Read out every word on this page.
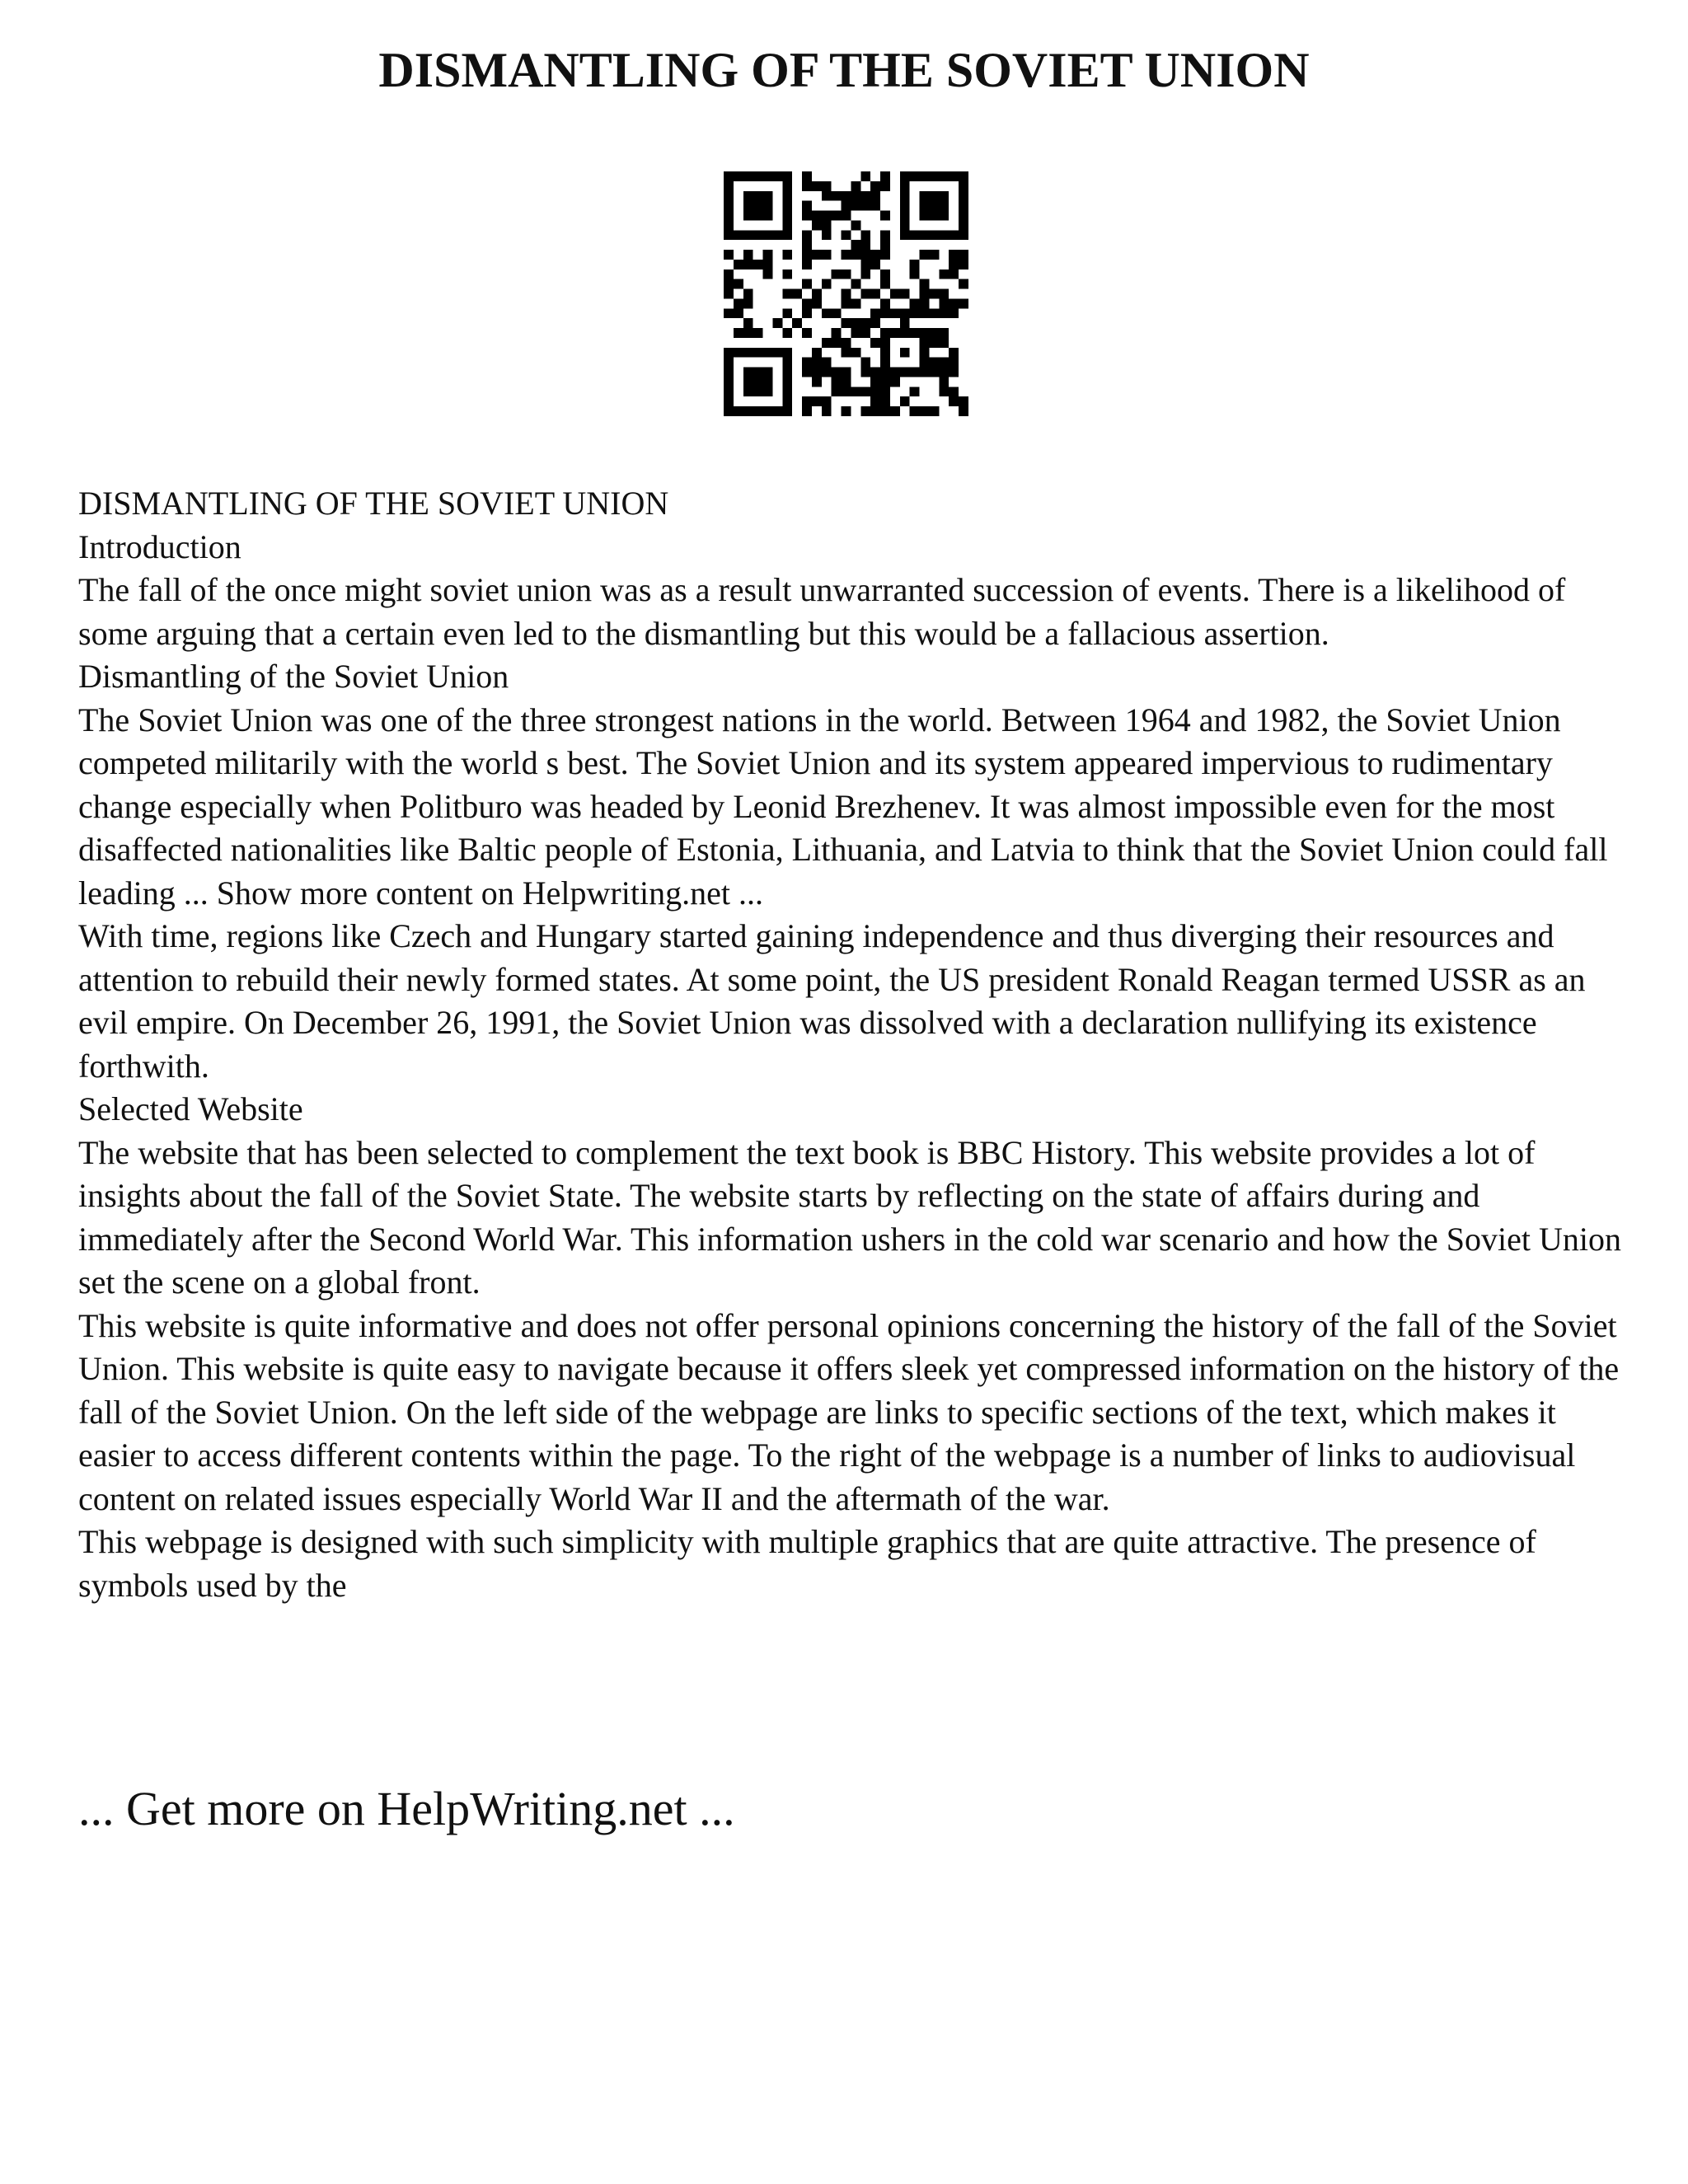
DISMANTLING OF THE SOVIET UNION

DISMANTLING OF THE SOVIET UNION

Introduction

The fall of the once might soviet union was as a result unwarranted succession of events. There is a likelihood of some arguing that a certain even led to the dismantling but this would be a fallacious assertion.

Dismantling of the Soviet Union

The Soviet Union was one of the three strongest nations in the world. Between 1964 and 1982, the Soviet Union competed militarily with the world s best. The Soviet Union and its system appeared impervious to rudimentary change especially when Politburo was headed by Leonid Brezhenev. It was almost impossible even for the most disaffected nationalities like Baltic people of Estonia, Lithuania, and Latvia to think that the Soviet Union could fall leading ... Show more content on Helpwriting.net ...

With time, regions like Czech and Hungary started gaining independence and thus diverging their resources and attention to rebuild their newly formed states. At some point, the US president Ronald Reagan termed USSR as an evil empire. On December 26, 1991, the Soviet Union was dissolved with a declaration nullifying its existence forthwith.

Selected Website

The website that has been selected to complement the text book is BBC History. This website provides a lot of insights about the fall of the Soviet State. The website starts by reflecting on the state of affairs during and immediately after the Second World War. This information ushers in the cold war scenario and how the Soviet Union set the scene on a global front.

This website is quite informative and does not offer personal opinions concerning the history of the fall of the Soviet Union. This website is quite easy to navigate because it offers sleek yet compressed information on the history of the fall of the Soviet Union. On the left side of the webpage are links to specific sections of the text, which makes it easier to access different contents within the page. To the right of the webpage is a number of links to audiovisual content on related issues especially World War II and the aftermath of the war.

This webpage is designed with such simplicity with multiple graphics that are quite attractive. The presence of symbols used by the

... Get more on HelpWriting.net ...
